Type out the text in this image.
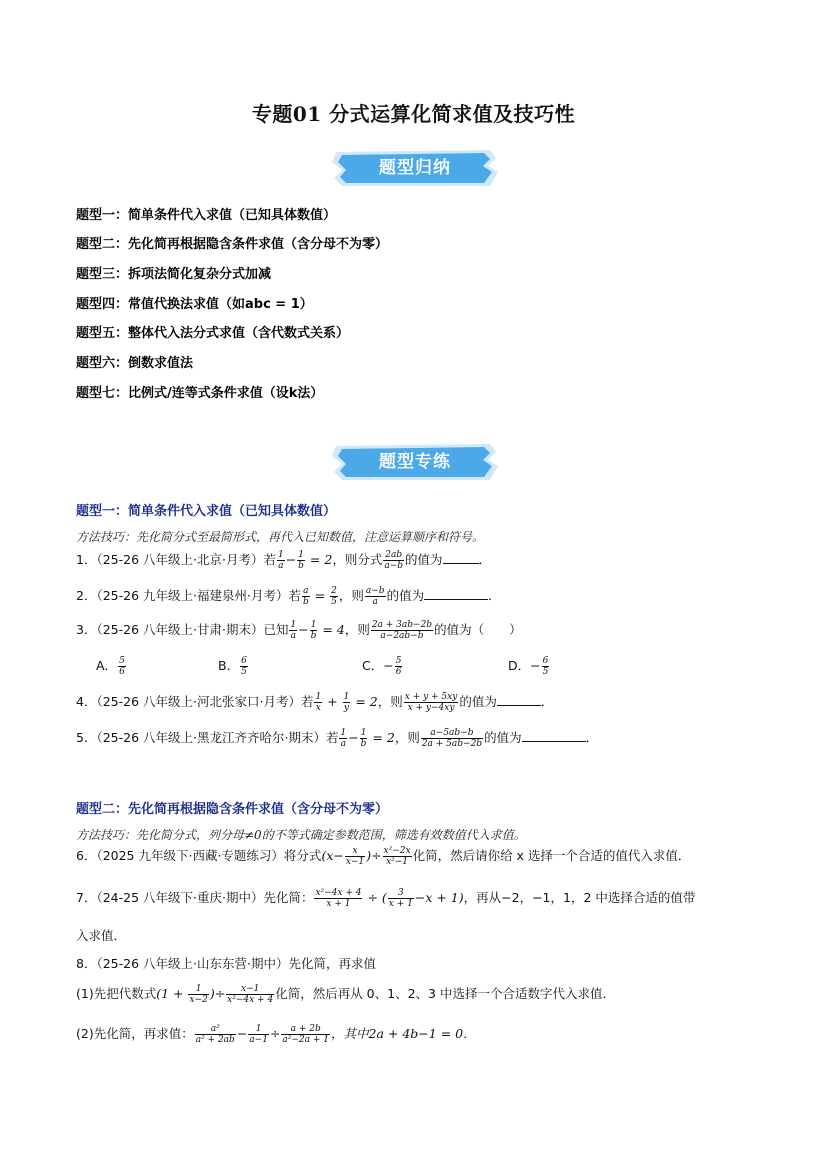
专题01 分式运算化简求值及技巧性
题型归纳
题型一：简单条件代入求值（已知具体数值）
题型二：先化简再根据隐含条件求值（含分母不为零）
题型三：拆项法简化复杂分式加减
题型四：常值代换法求值（如abc = 1）
题型五：整体代入法分式求值（含代数式关系）
题型六：倒数求值法
题型七：比例式/连等式条件求值（设k法）
题型专练
题型一：简单条件代入求值（已知具体数值）
方法技巧：先化简分式至最简形式，再代入已知数值，注意运算顺序和符号。
1．（25-26 八年级上·北京·月考）若 $\frac{1}{a} - \frac{1}{b} = 2$，则分式 $\frac{2ab}{a-b}$ 的值为	．
2．（25-26 九年级上·福建泉州·月考）若 $\frac{a}{b} = \frac{2}{5}$ ，则 $\frac{a-b}{a}$ 的值为	．
3．（25-26 八年级上·甘肃·期末）已知 $\frac{1}{a} - \frac{1}{b} = 4$，则 $\frac{2a + 3ab-2b}{a-2ab-b}$ 的值为（　　）
A． $\frac{5}{6}$	B． $\frac{6}{5}$	C．− $\frac{5}{6}$	D．− $\frac{6}{5}$
4．（25-26 八年级上·河北张家口·月考）若 $\frac{1}{x} + \frac{1}{y} = 2$，则 $\frac{x + y + 5xy}{x + y-4xy}$ 的值为	．
5．（25-26 八年级上·黑龙江齐齐哈尔·期末）若 $\frac{1}{a} - \frac{1}{b} = 2$，则 $\frac{a-5ab-b}{2a + 5ab-2b}$ 的值为	．
题型二：先化简再根据隐含条件求值（含分母不为零）
方法技巧：先化简分式，列分母≠0的不等式确定参数范围，筛选有效数值代入求值。
6．（2025 九年级下·西藏·专题练习）将分式($x- \frac{x}{x-1}$ )÷ $\frac{\text{x²−2x}}{\text{x²−1}}$ 化简，然后请你给 x 选择一个合适的值代入求值．
7．（24-25 八年级下·重庆·期中）先化简： $\frac{\text{x²−4x + 4}}{x + 1}$ ÷ ( $\frac{3}{x + 1} -x + 1$)，再从−2，−1，1，2 中选择合适的值带
入求值．
8．（25-26 八年级上·山东东营·期中）先化简，再求值
(1)先把代数式($1 + \frac{1}{x-2}$ )÷ $\frac{x-1}{\text{x²−4x + 4}}$ 化简，然后再从 0、1、2、3 中选择一个合适数字代入求值．
(2)先化简，再求值： $\frac{\text{a²}}{\text{a² + 2ab}} - \frac{1}{a-1} \div \frac{a + 2b}{\text{a²−2a + 1}}$ ，其中2a + 4b−1 = 0．
